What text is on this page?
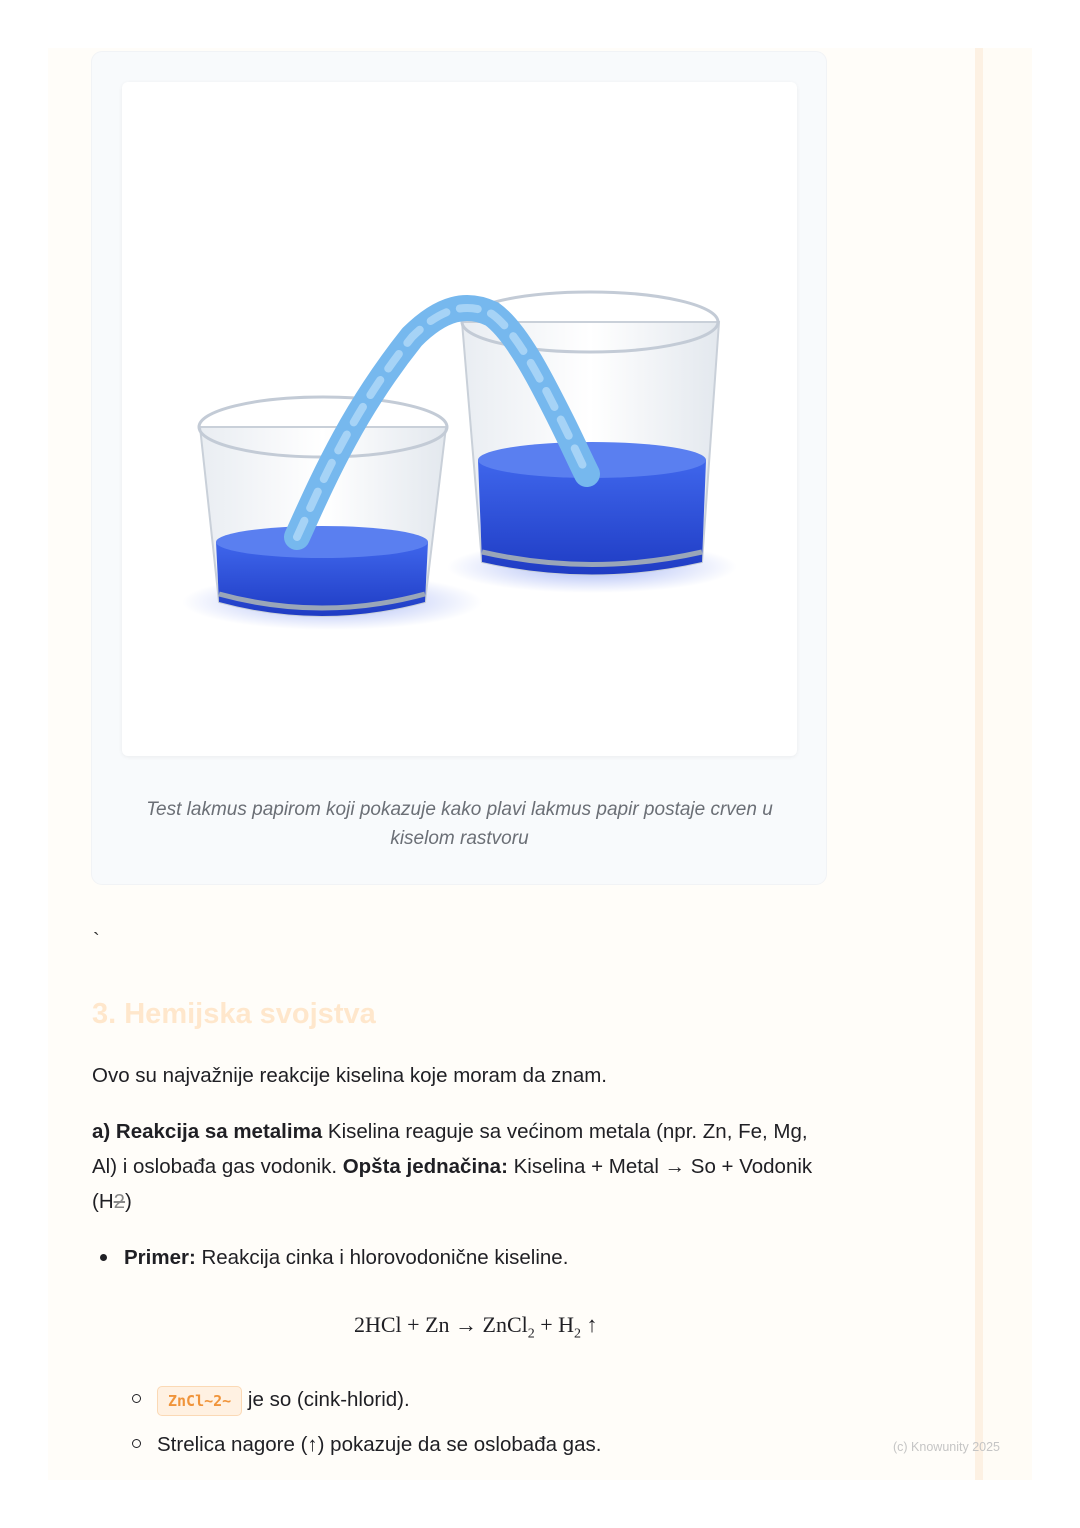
Test lakmus papirom koji pokazuje kako plavi lakmus papir postaje crven u kiselom rastvoru

`
3. Hemijska svojstva

Ovo su najvažnije reakcije kiselina koje moram da znam.

a) Reakcija sa metalima Kiselina reaguje sa većinom metala (npr. Zn, Fe, Mg, Al) i oslobađa gas vodonik. Opšta jednačina: Kiselina + Metal → So + Vodonik (H2)

Primer: Reakcija cinka i hlorovodonične kiseline.
2HCl + Zn → ZnCl$_2$ + $H_2$ ↑
ZnCl~2~ je so (cink-hlorid).
Strelica nagore (↑) pokazuje da se oslobađa gas.	(c) Knowunity 2025
